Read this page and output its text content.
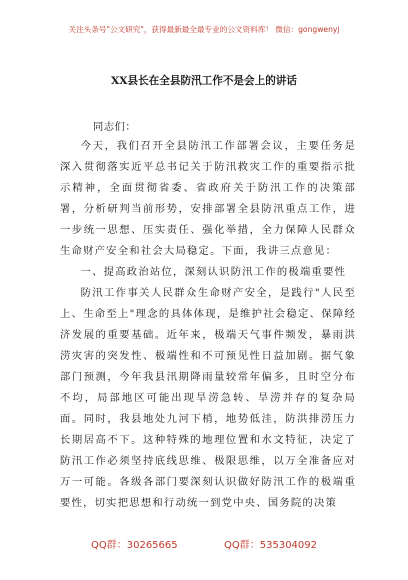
关注头条号"公文研究"，获得最新最全最专业的公文资料库！ 微信：gongwenyj
XX县长在全县防汛工作不是会上的讲话
同志们：

今天，我们召开全县防汛工作部署会议，主要任务是深入贯彻落实近平总书记关于防汛救灾工作的重要指示批示精神，全面贯彻省委、省政府关于防汛工作的决策部署，分析研判当前形势，安排部署全县防汛重点工作，进一步统一思想、压实责任、强化举措，全力保障人民群众生命财产安全和社会大局稳定。下面，我讲三点意见：

一、提高政治站位，深刻认识防汛工作的极端重要性

防汛工作事关人民群众生命财产安全，是践行"人民至上、生命至上"理念的具体体现，是维护社会稳定、保障经济发展的重要基础。近年来，极端天气事件频发，暴雨洪涝灾害的突发性、极端性和不可预见性日益加剧。据气象部门预测，今年我县汛期降雨量较常年偏多，且时空分布不均，局部地区可能出现旱涝急转、旱涝并存的复杂局面。同时，我县地处九河下梢，地势低洼，防洪排涝压力长期居高不下。这种特殊的地理位置和水文特征，决定了防汛工作必须坚持底线思维、极限思维，以万全准备应对万一可能。各级各部门要深刻认识做好防汛工作的极端重要性，切实把思想和行动统一到党中央、国务院的决策

QQ群：30265665	QQ群：535304092
